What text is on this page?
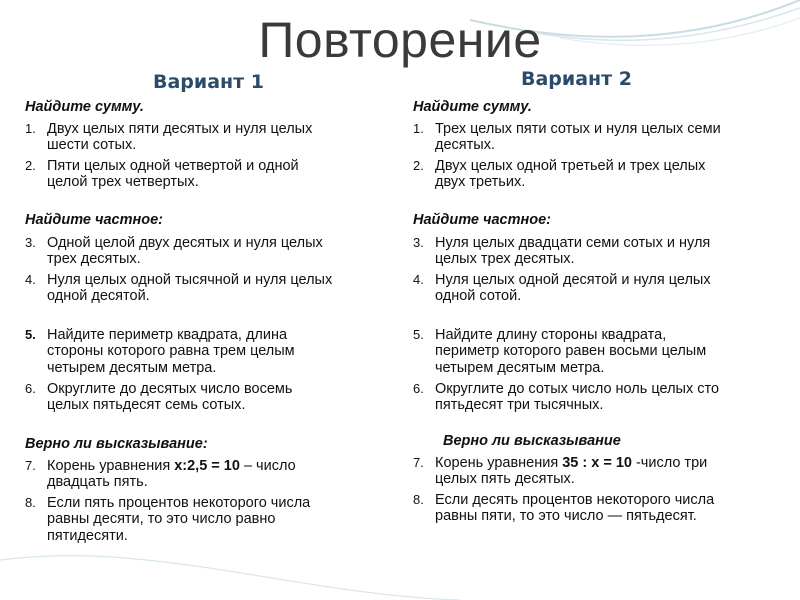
Повторение
Вариант 1
Найдите сумму.
1. Двух целых пяти десятых и нуля целых
шести сотых.
2. Пяти целых одной четвертой и одной
целой трех четвертых.
Найдите частное:
3. Одной целой двух десятых и нуля целых
трех десятых.
4. Нуля целых одной тысячной и нуля целых
одной десятой.
5. Найдите периметр квадрата, длина
стороны которого равна трем целым
четырем десятым метра.
6. Округлите до десятых число восемь
целых пятьдесят семь сотых.
Верно ли высказывание:
7. Корень уравнения х:2,5 = 10 – число
двадцать пять.
8. Если пять процентов некоторого числа
равны десяти, то это число равно
пятидесяти.
Вариант 2
Найдите сумму.
1. Трех целых пяти сотых и нуля целых семи
десятых.
2. Двух целых одной третьей и трех целых
двух третьих.
Найдите частное:
3. Нуля целых двадцати семи сотых и нуля
целых трех десятых.
4. Нуля целых одной десятой и нуля целых
одной сотой.
5. Найдите длину стороны квадрата,
периметр которого равен восьми целым
четырем десятым метра.
6. Округлите до сотых число ноль целых сто
пятьдесят три тысячных.
Верно ли высказывание
7. Корень уравнения 35 : х = 10 -число три
целых пять десятых.
8. Если десять процентов некоторого числа
равны пяти, то это число — пятьдесят.
